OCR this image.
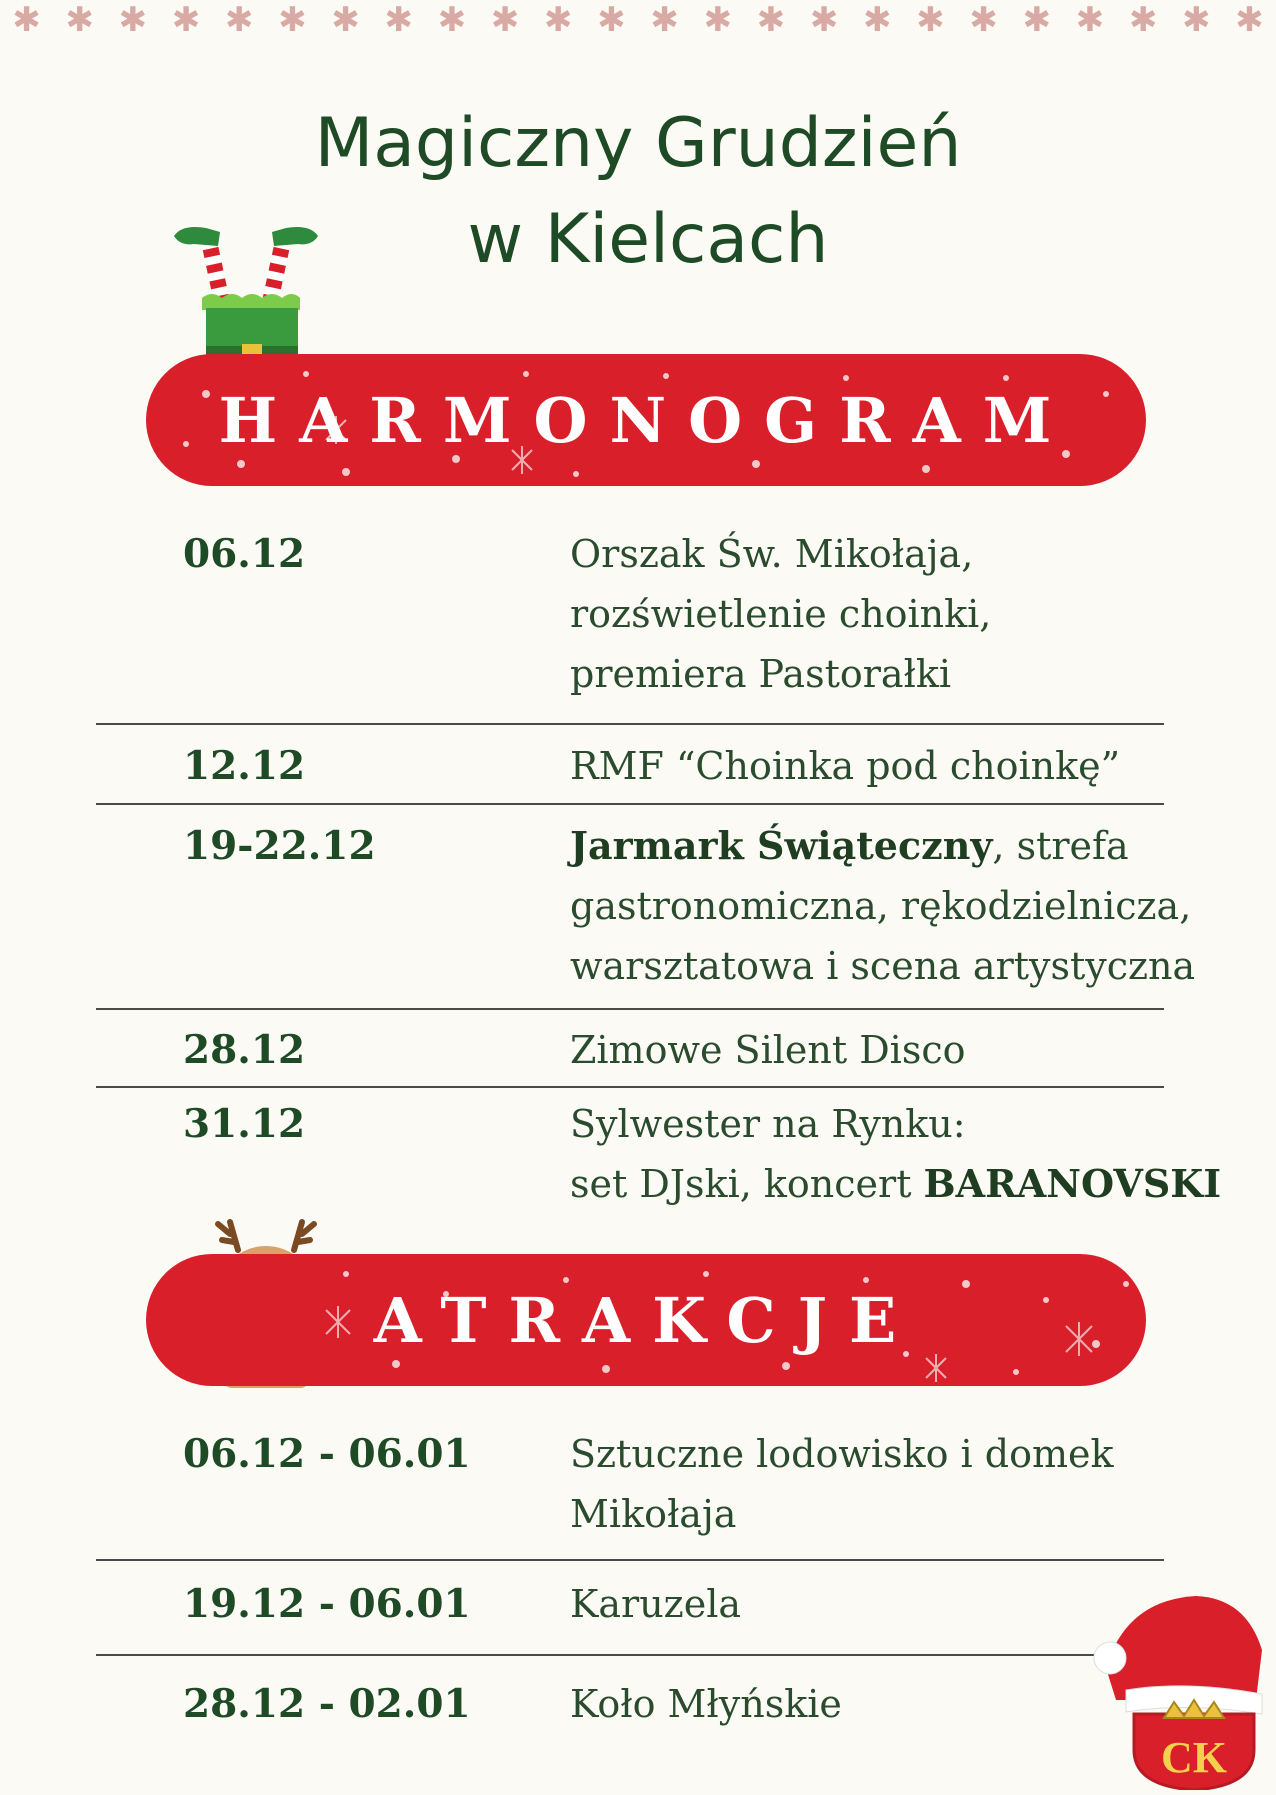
✱ ✱ ✱ ✱ ✱ ✱ ✱ ✱ ✱ ✱ ✱ ✱ ✱ ✱ ✱ ✱ ✱ ✱ ✱ ✱ ✱ ✱ ✱ ✱
Magiczny Grudzień
w Kielcach
HARMONOGRAM
06.12	Orszak Św. Mikołaja,
rozświetlenie choinki,
premiera Pastorałki
12.12	RMF “Choinka pod choinkę”
19-22.12	Jarmark Świąteczny, strefa
gastronomiczna, rękodzielnicza,
warsztatowa i scena artystyczna
28.12	Zimowe Silent Disco
31.12	Sylwester na Rynku:
set DJski, koncert BARANOVSKI
ATRAKCJE
06.12 - 06.01	Sztuczne lodowisko i domek
Mikołaja
19.12 - 06.01	Karuzela
28.12 - 02.01	Koło Młyńskie
CK
